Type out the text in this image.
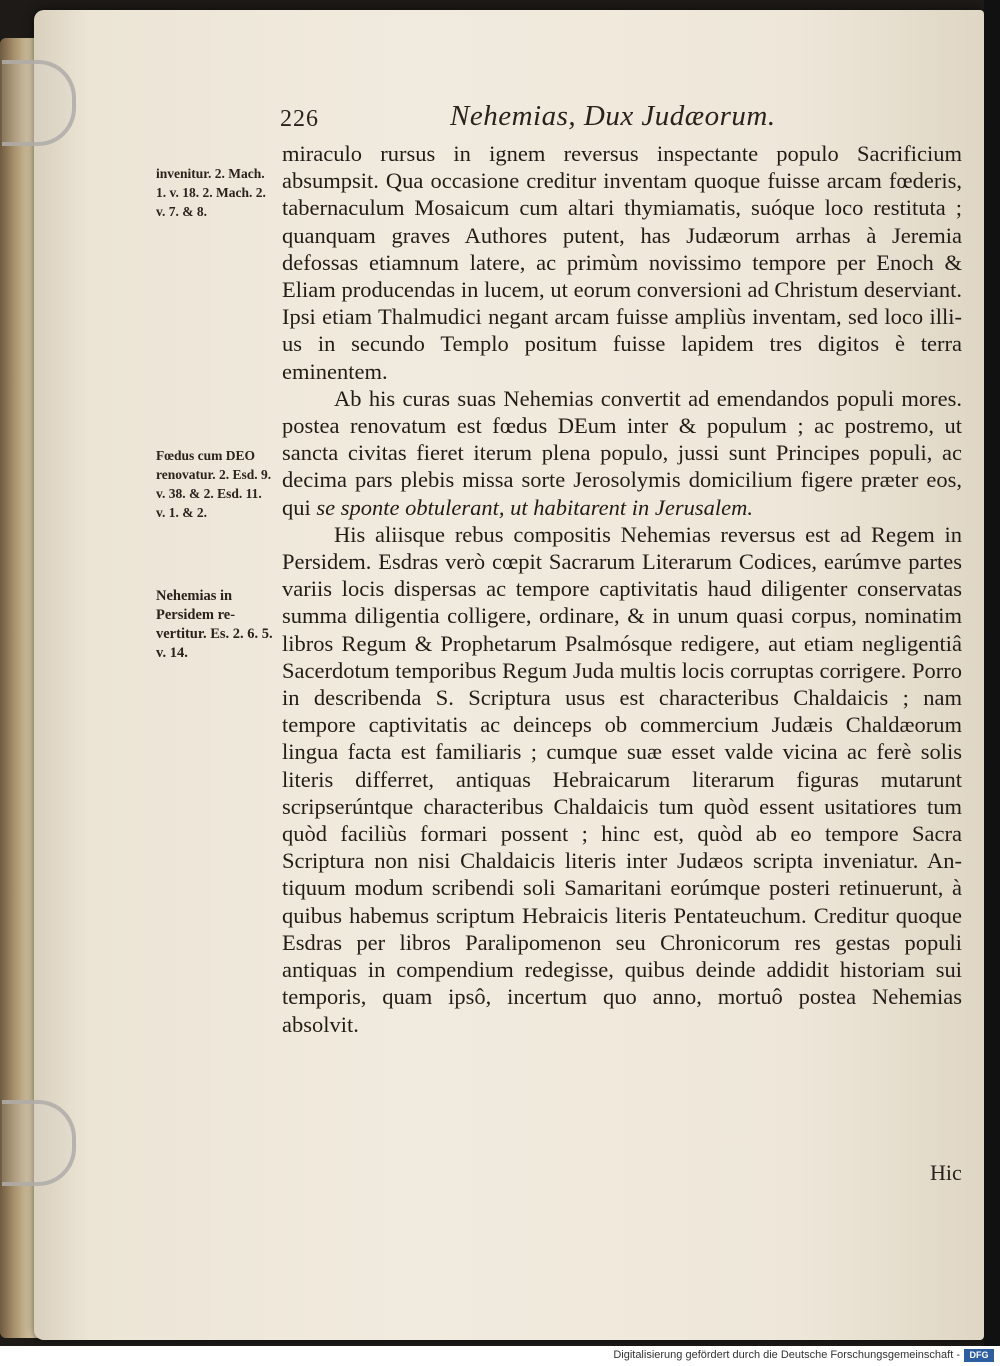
226	Nehemias, Dux Judæorum.
invenitur. 2. Mach. 1. v. 18. 2. Mach. 2. v. 7. & 8.
Fœdus cum DEO renovatur. 2. Esd. 9. v. 38. & 2. Esd. 11. v. 1. & 2.
Nehemias in Persidem revertitur. Es. 2. 6. 5. v. 14.

miraculo rursus in ignem reversus inspectante populo Sacrificium absumpsit. Qua occasione creditur inventam quoque fuisse arcam fœderis, tabernaculum Mosaicum cum altari thymiamatis, suóque loco restituta ; quanquam graves Authores putent, has Judæorum arrhas à Jeremia defossas etiamnum latere, ac primùm novissimo tempore per Enoch & Eliam producendas in lucem, ut eorum conversioni ad Christum deserviant. Ipsi etiam Thalmudici negant arcam fuisse ampliùs inventam, sed loco illius in secundo Templo positum fuisse lapidem tres digitos è terra eminentem.

Ab his curas suas Nehemias convertit ad emendandos populi mores. postea renovatum est fœdus DEum inter & populum ; ac postremo, ut sancta civitas fieret iterum plena populo, jussi sunt Principes populi, ac decima pars plebis missa sorte Jerosolymis domicilium figere præter eos, qui se sponte obtulerant, ut habitarent in Jerusalem.

His aliisque rebus compositis Nehemias reversus est ad Regem in Persidem. Esdras verò cœpit Sacrarum Literarum Codices, earúmve partes variis locis dispersas ac tempore captivitatis haud diligenter conservatas summa diligentia colligere, ordinare, & in unum quasi corpus, nominatim libros Regum & Prophetarum Psalmósque redigere, aut etiam negligentiâ Sacerdotum temporibus Regum Juda multis locis corruptas corrigere. Porro in describenda S. Scriptura usus est characteribus Chaldaicis ; nam tempore captivitatis ac deinceps ob commercium Judæis Chaldæorum lingua facta est familiaris ; cumque suæ esset valde vicina ac ferè solis literis differret, antiquas Hebraicarum literarum figuras mutarunt scripserúntque characteribus Chaldaicis tum quòd essent usitatiores tum quòd faciliùs formari possent ; hinc est, quòd ab eo tempore Sacra Scriptura non nisi Chaldaicis literis inter Judæos scripta inveniatur. Antiquum modum scribendi soli Samaritani eorúmque posteri retinuerunt, à quibus habemus scriptum Hebraicis literis Pentateuchum. Creditur quoque Esdras per libros Paralipomenon seu Chronicorum res gestas populi antiquas in compendium redegisse, quibus deinde addidit historiam sui temporis, quam ipsô, incertum quo anno, mortuô postea Nehemias absolvit.

Hic
Digitalisierung gefördert durch die Deutsche Forschungsgemeinschaft -	DFG
